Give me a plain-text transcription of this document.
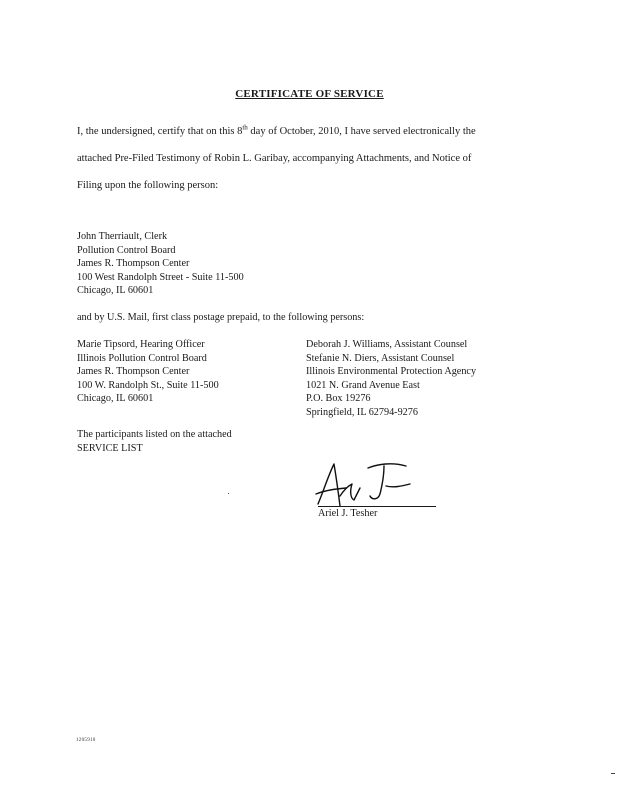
CERTIFICATE OF SERVICE
I, the undersigned, certify that on this 8th day of October, 2010, I have served electronically the
attached Pre-Filed Testimony of Robin L. Garibay, accompanying Attachments, and Notice of
Filing upon the following person:
John Therriault, Clerk
Pollution Control Board
James R. Thompson Center
100 West Randolph Street - Suite 11-500
Chicago, IL 60601
and by U.S. Mail, first class postage prepaid, to the following persons:
Marie Tipsord, Hearing Officer
Illinois Pollution Control Board
James R. Thompson Center
100 W. Randolph St., Suite 11-500
Chicago, IL 60601
Deborah J. Williams, Assistant Counsel
Stefanie N. Diers, Assistant Counsel
Illinois Environmental Protection Agency
1021 N. Grand Avenue East
P.O. Box 19276
Springfield, IL 62794-9276
The participants listed on the attached
SERVICE LIST
Ariel J. Tesher
1205910
